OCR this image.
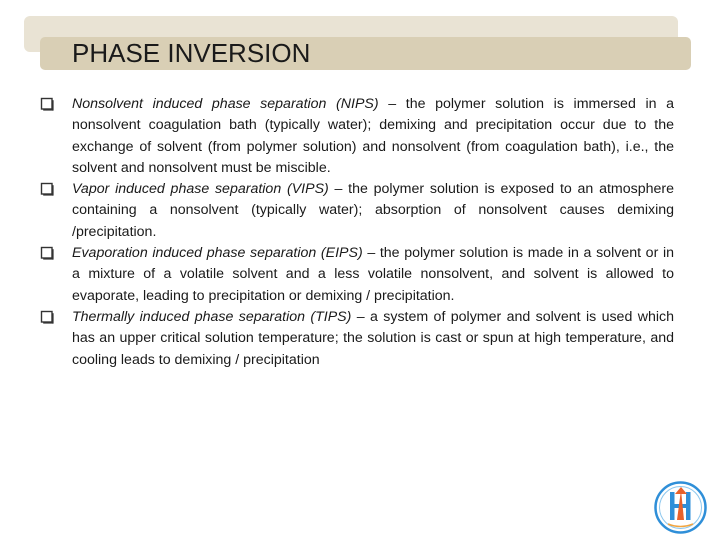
PHASE INVERSION
Nonsolvent induced phase separation (NIPS) – the polymer solution is immersed in a nonsolvent coagulation bath (typically water); demixing and precipitation occur due to the exchange of solvent (from polymer solution) and nonsolvent (from coagulation bath), i.e., the solvent and nonsolvent must be miscible.
Vapor induced phase separation (VIPS) – the polymer solution is exposed to an atmosphere containing a nonsolvent (typically water); absorption of nonsolvent causes demixing /precipitation.
Evaporation induced phase separation (EIPS) – the polymer solution is made in a solvent or in a mixture of a volatile solvent and a less volatile nonsolvent, and solvent is allowed to evaporate, leading to precipitation or demixing / precipitation.
Thermally induced phase separation (TIPS) – a system of polymer and solvent is used which has an upper critical solution temperature; the solution is cast or spun at high temperature, and cooling leads to demixing / precipitation
